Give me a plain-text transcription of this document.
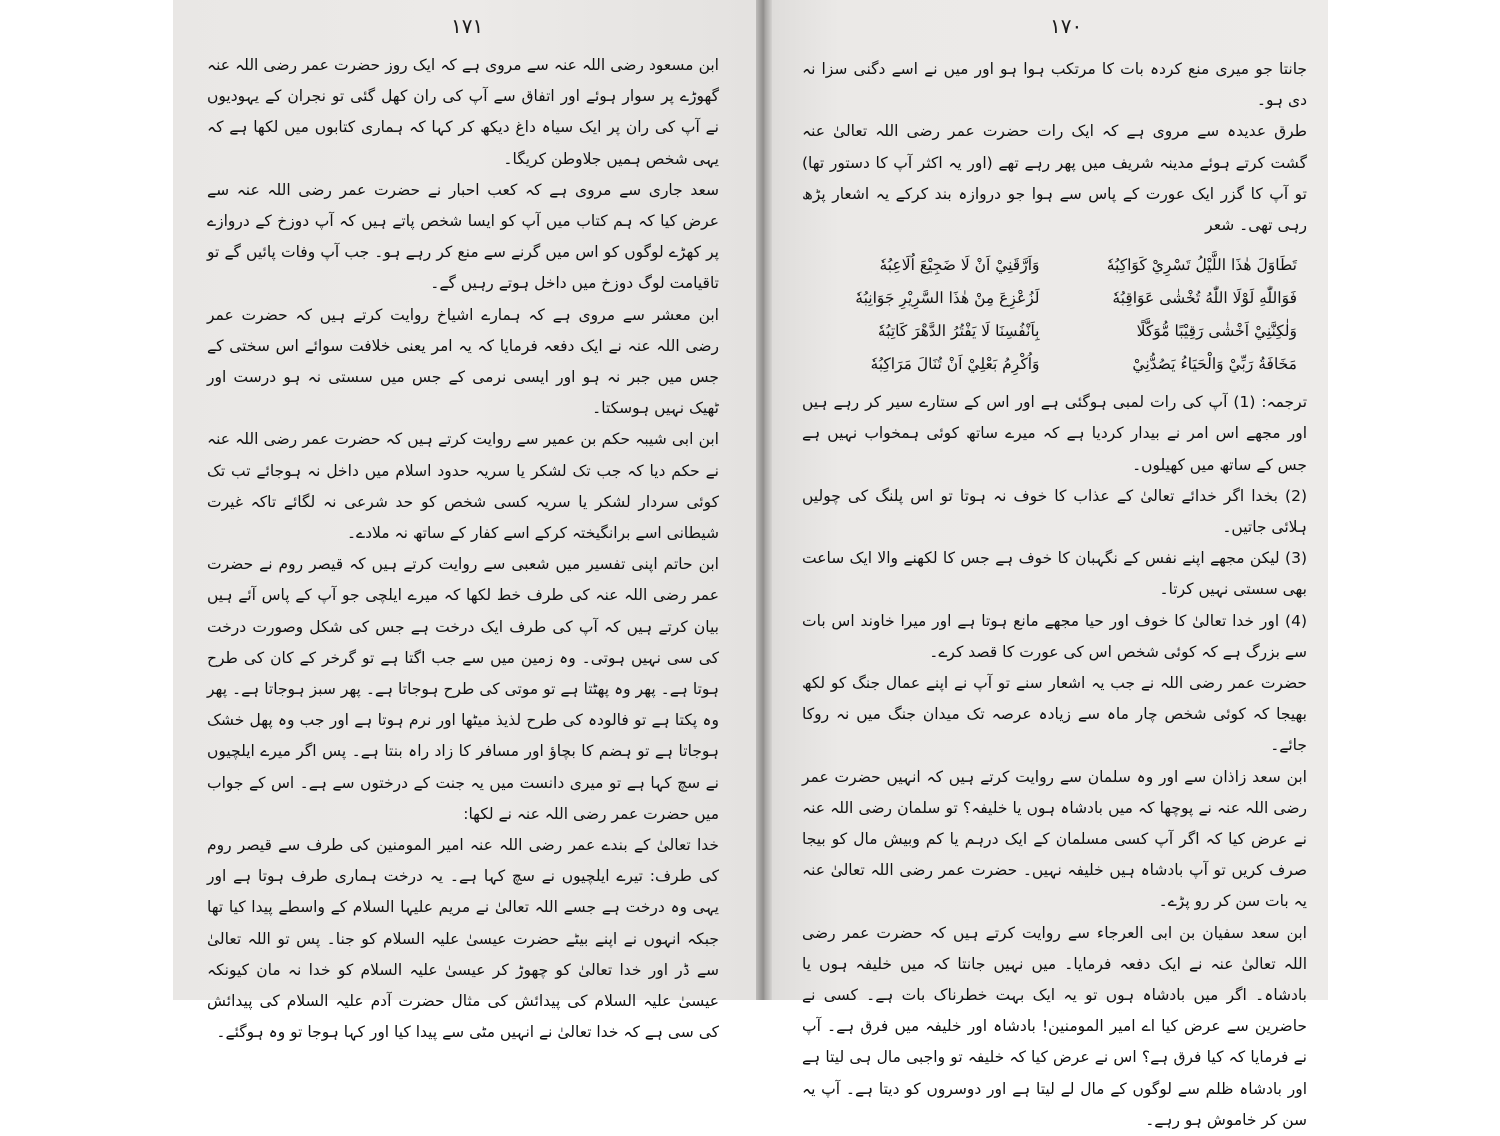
١٧١

ابن مسعود رضی اللہ عنہ سے مروی ہے کہ ایک روز حضرت عمر رضی اللہ عنہ گھوڑے پر سوار ہوئے اور اتفاق سے آپ کی ران کھل گئی تو نجران کے یہودیوں نے آپ کی ران پر ایک سیاہ داغ دیکھ کر کہا کہ ہماری کتابوں میں لکھا ہے کہ یہی شخص ہمیں جلاوطن کریگا۔

سعد جاری سے مروی ہے کہ کعب احبار نے حضرت عمر رضی اللہ عنہ سے عرض کیا کہ ہم کتاب میں آپ کو ایسا شخص پاتے ہیں کہ آپ دوزخ کے دروازے پر کھڑے لوگوں کو اس میں گرنے سے منع کر رہے ہو۔ جب آپ وفات پائیں گے تو تاقیامت لوگ دوزخ میں داخل ہوتے رہیں گے۔

ابن معشر سے مروی ہے کہ ہمارے اشیاخ روایت کرتے ہیں کہ حضرت عمر رضی اللہ عنہ نے ایک دفعہ فرمایا کہ یہ امر یعنی خلافت سوائے اس سختی کے جس میں جبر نہ ہو اور ایسی نرمی کے جس میں سستی نہ ہو درست اور ٹھیک نہیں ہوسکتا۔

ابن ابی شیبہ حکم بن عمیر سے روایت کرتے ہیں کہ حضرت عمر رضی اللہ عنہ نے حکم دیا کہ جب تک لشکر یا سریہ حدود اسلام میں داخل نہ ہوجائے تب تک کوئی سردار لشکر یا سریہ کسی شخص کو حد شرعی نہ لگائے تاکہ غیرت شیطانی اسے برانگیختہ کرکے اسے کفار کے ساتھ نہ ملادے۔

ابن حاتم اپنی تفسیر میں شعبی سے روایت کرتے ہیں کہ قیصر روم نے حضرت عمر رضی اللہ عنہ کی طرف خط لکھا کہ میرے ایلچی جو آپ کے پاس آئے ہیں بیان کرتے ہیں کہ آپ کی طرف ایک درخت ہے جس کی شکل وصورت درخت کی سی نہیں ہوتی۔ وہ زمین میں سے جب اگتا ہے تو گرخر کے کان کی طرح ہوتا ہے۔ پھر وہ پھٹتا ہے تو موتی کی طرح ہوجاتا ہے۔ پھر سبز ہوجاتا ہے۔ پھر وہ پکتا ہے تو فالودہ کی طرح لذیذ میٹھا اور نرم ہوتا ہے اور جب وہ پھل خشک ہوجاتا ہے تو ہضم کا بچاؤ اور مسافر کا زاد راہ بنتا ہے۔ پس اگر میرے ایلچیوں نے سچ کہا ہے تو میری دانست میں یہ جنت کے درختوں سے ہے۔ اس کے جواب میں حضرت عمر رضی اللہ عنہ نے لکھا:

خدا تعالیٰ کے بندے عمر رضی اللہ عنہ امیر المومنین کی طرف سے قیصر روم کی طرف: تیرے ایلچیوں نے سچ کہا ہے۔ یہ درخت ہماری طرف ہوتا ہے اور یہی وہ درخت ہے جسے اللہ تعالیٰ نے مریم علیہا السلام کے واسطے پیدا کیا تھا جبکہ انہوں نے اپنے بیٹے حضرت عیسیٰ علیہ السلام کو جنا۔ پس تو اللہ تعالیٰ سے ڈر اور خدا تعالیٰ کو چھوڑ کر عیسیٰ علیہ السلام کو خدا نہ مان کیونکہ عیسیٰ علیہ السلام کی پیدائش کی مثال حضرت آدم علیہ السلام کی پیدائش کی سی ہے کہ خدا تعالیٰ نے انہیں مٹی سے پیدا کیا اور کہا ہوجا تو وہ ہوگئے۔

١٧٠

جانتا جو میری منع کردہ بات کا مرتکب ہوا ہو اور میں نے اسے دگنی سزا نہ دی ہو۔

طرق عدیدہ سے مروی ہے کہ ایک رات حضرت عمر رضی اللہ تعالیٰ عنہ گشت کرتے ہوئے مدینہ شریف میں پھر رہے تھے (اور یہ اکثر آپ کا دستور تھا) تو آپ کا گزر ایک عورت کے پاس سے ہوا جو دروازہ بند کرکے یہ اشعار پڑھ رہی تھی۔ شعر

تَطَاوَلَ هٰذَا اللَّيْلُ تَسْرِيْ كَوَاكِبُهٗ
وَاَرَّقَنِيْ اَنْ لَا ضَجِيْعَ اُلَاعِبُهٗ
فَوَاللّٰهِ لَوْلَا اللّٰهُ تُخْشٰى عَوَاقِبُهٗ
لَزُعْزِعَ مِنْ هٰذَا السَّرِيْرِ جَوَانِبُهٗ
وَلٰكِنَّنِيْ اَخْشٰى رَقِيْبًا مُّوَكَّلًا
بِاَنْفُسِنَا لَا يَفْتُرُ الدَّهْرَ كَاتِبُهٗ
مَخَافَةُ رَبِّيْ وَالْحَيَاءُ يَصُدُّنِيْ
وَاُكْرِمُ بَعْلِيْ اَنْ تُنَالَ مَرَاكِبُهٗ

ترجمہ: (1) آپ کی رات لمبی ہوگئی ہے اور اس کے ستارے سیر کر رہے ہیں اور مجھے اس امر نے بیدار کردیا ہے کہ میرے ساتھ کوئی ہمخواب نہیں ہے جس کے ساتھ میں کھیلوں۔

(2) بخدا اگر خدائے تعالیٰ کے عذاب کا خوف نہ ہوتا تو اس پلنگ کی چولیں ہلائی جاتیں۔

(3) لیکن مجھے اپنے نفس کے نگہبان کا خوف ہے جس کا لکھنے والا ایک ساعت بھی سستی نہیں کرتا۔

(4) اور خدا تعالیٰ کا خوف اور حیا مجھے مانع ہوتا ہے اور میرا خاوند اس بات سے بزرگ ہے کہ کوئی شخص اس کی عورت کا قصد کرے۔

حضرت عمر رضی اللہ نے جب یہ اشعار سنے تو آپ نے اپنے عمال جنگ کو لکھ بھیجا کہ کوئی شخص چار ماہ سے زیادہ عرصہ تک میدان جنگ میں نہ روکا جائے۔

ابن سعد زاذان سے اور وہ سلمان سے روایت کرتے ہیں کہ انہیں حضرت عمر رضی اللہ عنہ نے پوچھا کہ میں بادشاہ ہوں یا خلیفہ؟ تو سلمان رضی اللہ عنہ نے عرض کیا کہ اگر آپ کسی مسلمان کے ایک درہم یا کم وبیش مال کو بیجا صرف کریں تو آپ بادشاہ ہیں خلیفہ نہیں۔ حضرت عمر رضی اللہ تعالیٰ عنہ یہ بات سن کر رو پڑے۔

ابن سعد سفیان بن ابی العرجاء سے روایت کرتے ہیں کہ حضرت عمر رضی اللہ تعالیٰ عنہ نے ایک دفعہ فرمایا۔ میں نہیں جانتا کہ میں خلیفہ ہوں یا بادشاہ۔ اگر میں بادشاہ ہوں تو یہ ایک بہت خطرناک بات ہے۔ کسی نے حاضرین سے عرض کیا اے امیر المومنین! بادشاہ اور خلیفہ میں فرق ہے۔ آپ نے فرمایا کہ کیا فرق ہے؟ اس نے عرض کیا کہ خلیفہ تو واجبی مال ہی لیتا ہے اور بادشاہ ظلم سے لوگوں کے مال لے لیتا ہے اور دوسروں کو دیتا ہے۔ آپ یہ سن کر خاموش ہو رہے۔
